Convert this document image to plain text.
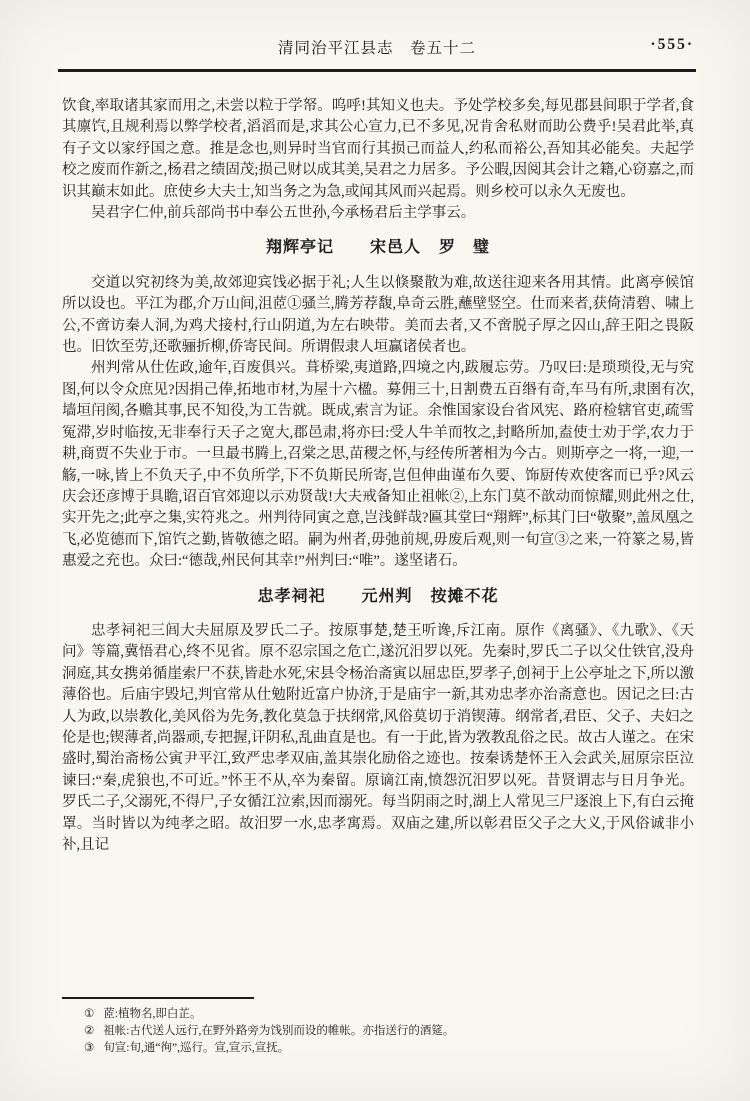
清同治平江县志　卷五十二	·555·

饮食,率取诸其家而用之,未尝以粒于学帑。呜呼!其知义也夫。予处学校多矣,每见郡县间职于学者,食其廪饩,且规利焉以弊学校者,滔滔而是,求其公心宣力,已不多见,况肯舍私财而助公费乎!吴君此举,真有子文以家纾国之意。推是念也,则异时当官而行其损己而益人,约私而裕公,吾知其必能矣。夫起学校之废而作新之,杨君之绩固茂;损己财以成其美,吴君之力居多。予公暇,因阅其会计之籍,心窃嘉之,而识其巅末如此。庶使乡大夫士,知当务之为急,或闻其风而兴起焉。则乡校可以永久无废也。

吴君字仁仲,前兵部尚书中奉公五世孙,今承杨君后主学事云。

翔辉亭记 宋邑人 罗　璧

交道以究初终为美,故郊迎宾饯必据于礼;人生以倏聚散为难,故送往迎来各用其情。此离亭候馆所以设也。平江为郡,介万山间,沮茝①骚兰,腾芳荐馥,阜奇云胜,蘸壁竖空。仕而来者,获倚清碧、啸上公,不啻访秦人洞,为鸡犬接村,行山阴道,为左右映带。美而去者,又不啻脱子厚之囚山,辞王阳之畏阪也。旧饮至劳,还歌骊折柳,侨寄民间。所谓假隶人垣赢诸侯者也。

州判常从仕佐政,逾年,百废俱兴。葺桥梁,夷道路,四境之内,跋履忘劳。乃叹曰:是琐琐役,无与究图,何以令众庶见?因捐己俸,拓地市材,为屋十六楹。募佣三十,日割费五百缗有奇,车马有所,隶圉有次,墙垣闬阂,各赡其事,民不知役,为工告就。既成,索言为证。余惟国家设台省风宪、路府检辖官吏,疏雪冤滞,岁时临按,无非奉行天子之宽大,郡邑肃,将亦曰:受人牛羊而牧之,封略所加,盍使士劝于学,农力于耕,商贾不失业于市。一旦最书腾上,召棠之思,苗稷之怀,与经传所著相为今古。则斯亭之一将,一迎,一觞,一咏,皆上不负天子,中不负所学,下不负斯民所寄,岂但伸曲谨布久要、饰厨传欢使客而已乎?风云庆会还彦博于具瞻,诏百官郊迎以示劝贤哉!大夫戒备知止祖帐②,上东门莫不歆动而惊耀,则此州之仕,实开先之;此亭之集,实符兆之。州判待同寅之意,岂浅鲜哉?匾其堂曰“翔辉”,标其门曰“敬聚”,盖凤凰之飞,必览德而下,馆饩之勤,皆敬德之昭。嗣为州者,毋弛前规,毋废后观,则一旬宣③之来,一符篆之易,皆惠爱之充也。众曰:“德哉,州民何其幸!”州判曰:“唯”。遂坚诸石。

忠孝祠祀 元州判 按摊不花

忠孝祠祀三闾大夫屈原及罗氏二子。按原事楚,楚王听谗,斥江南。原作《离骚》、《九歌》、《天问》等篇,冀悟君心,终不见省。原不忍宗国之危亡,遂沉汨罗以死。先秦时,罗氏二子以父仕铁官,没舟洞庭,其女携弟循崖索尸不获,皆赴水死,宋县令杨治斋寅以屈忠臣,罗孝子,创祠于上公亭址之下,所以激薄俗也。后庙宇毁圮,判官常从仕勉附近富户协济,于是庙宇一新,其劝忠孝亦治斋意也。因记之曰:古人为政,以崇教化,美风俗为先务,教化莫急于扶纲常,风俗莫切于消锲薄。纲常者,君臣、父子、夫妇之伦是也;锲薄者,尚器顽,专把握,讦阴私,乱曲直是也。有一于此,皆为敩教乱俗之民。故古人谨之。在宋盛时,蜀治斋杨公寅尹平江,致严忠孝双庙,盖其崇化励俗之迹也。按秦诱楚怀王入会武关,屈原宗臣泣谏曰:“秦,虎狼也,不可近。”怀王不从,卒为秦留。原谪江南,愤怨沉汨罗以死。昔贤谓志与日月争光。罗氏二子,父溺死,不得尸,子女循江泣索,因而溺死。每当阴雨之时,湖上人常见三尸逐浪上下,有白云掩罩。当时皆以为纯孝之昭。故汨罗一水,忠孝寓焉。双庙之建,所以彰君臣父子之大义,于风俗诚非小补,且记

① 茝:植物名,即白芷。
② 祖帐:古代送人远行,在野外路旁为饯别而设的帷帐。亦指送行的酒筵。
③ 旬宣:旬,通“徇”,巡行。宣,宣示,宣抚。
